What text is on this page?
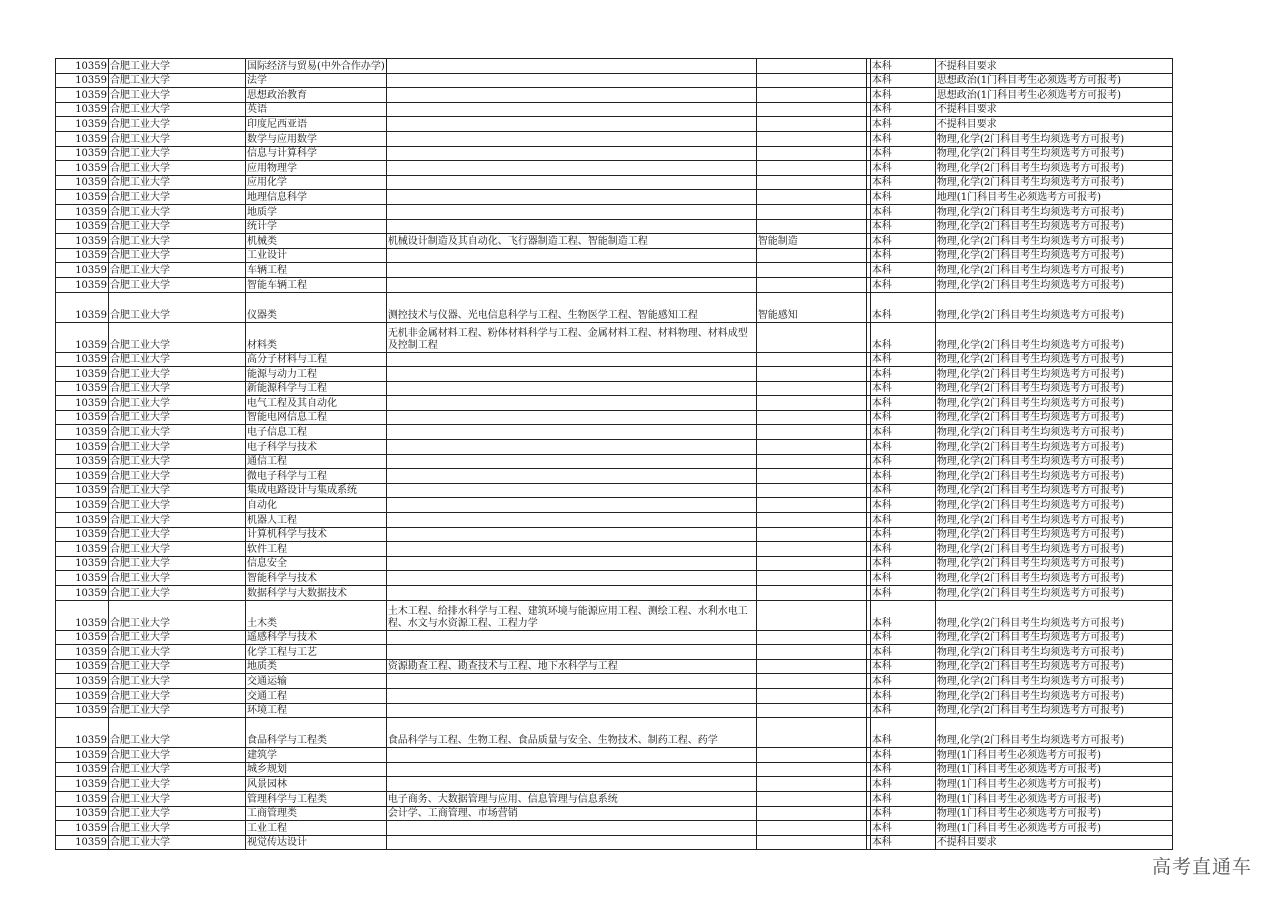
10359	合肥工业大学	国际经济与贸易(中外合作办学)				本科	不提科目要求
10359	合肥工业大学	法学				本科	思想政治(1门科目考生必须选考方可报考)
10359	合肥工业大学	思想政治教育				本科	思想政治(1门科目考生必须选考方可报考)
10359	合肥工业大学	英语				本科	不提科目要求
10359	合肥工业大学	印度尼西亚语				本科	不提科目要求
10359	合肥工业大学	数学与应用数学				本科	物理,化学(2门科目考生均须选考方可报考)
10359	合肥工业大学	信息与计算科学				本科	物理,化学(2门科目考生均须选考方可报考)
10359	合肥工业大学	应用物理学				本科	物理,化学(2门科目考生均须选考方可报考)
10359	合肥工业大学	应用化学				本科	物理,化学(2门科目考生均须选考方可报考)
10359	合肥工业大学	地理信息科学				本科	地理(1门科目考生必须选考方可报考)
10359	合肥工业大学	地质学				本科	物理,化学(2门科目考生均须选考方可报考)
10359	合肥工业大学	统计学				本科	物理,化学(2门科目考生均须选考方可报考)
10359	合肥工业大学	机械类	机械设计制造及其自动化、飞行器制造工程、智能制造工程	智能制造		本科	物理,化学(2门科目考生均须选考方可报考)
10359	合肥工业大学	工业设计				本科	物理,化学(2门科目考生均须选考方可报考)
10359	合肥工业大学	车辆工程				本科	物理,化学(2门科目考生均须选考方可报考)
10359	合肥工业大学	智能车辆工程				本科	物理,化学(2门科目考生均须选考方可报考)
10359	合肥工业大学	仪器类	测控技术与仪器、光电信息科学与工程、生物医学工程、智能感知工程	智能感知		本科	物理,化学(2门科目考生均须选考方可报考)
10359	合肥工业大学	材料类	无机非金属材料工程、粉体材料科学与工程、金属材料工程、材料物理、材料成型及控制工程			本科	物理,化学(2门科目考生均须选考方可报考)
10359	合肥工业大学	高分子材料与工程				本科	物理,化学(2门科目考生均须选考方可报考)
10359	合肥工业大学	能源与动力工程				本科	物理,化学(2门科目考生均须选考方可报考)
10359	合肥工业大学	新能源科学与工程				本科	物理,化学(2门科目考生均须选考方可报考)
10359	合肥工业大学	电气工程及其自动化				本科	物理,化学(2门科目考生均须选考方可报考)
10359	合肥工业大学	智能电网信息工程				本科	物理,化学(2门科目考生均须选考方可报考)
10359	合肥工业大学	电子信息工程				本科	物理,化学(2门科目考生均须选考方可报考)
10359	合肥工业大学	电子科学与技术				本科	物理,化学(2门科目考生均须选考方可报考)
10359	合肥工业大学	通信工程				本科	物理,化学(2门科目考生均须选考方可报考)
10359	合肥工业大学	微电子科学与工程				本科	物理,化学(2门科目考生均须选考方可报考)
10359	合肥工业大学	集成电路设计与集成系统				本科	物理,化学(2门科目考生均须选考方可报考)
10359	合肥工业大学	自动化				本科	物理,化学(2门科目考生均须选考方可报考)
10359	合肥工业大学	机器人工程				本科	物理,化学(2门科目考生均须选考方可报考)
10359	合肥工业大学	计算机科学与技术				本科	物理,化学(2门科目考生均须选考方可报考)
10359	合肥工业大学	软件工程				本科	物理,化学(2门科目考生均须选考方可报考)
10359	合肥工业大学	信息安全				本科	物理,化学(2门科目考生均须选考方可报考)
10359	合肥工业大学	智能科学与技术				本科	物理,化学(2门科目考生均须选考方可报考)
10359	合肥工业大学	数据科学与大数据技术				本科	物理,化学(2门科目考生均须选考方可报考)
10359	合肥工业大学	土木类	土木工程、给排水科学与工程、建筑环境与能源应用工程、测绘工程、水利水电工程、水文与水资源工程、工程力学			本科	物理,化学(2门科目考生均须选考方可报考)
10359	合肥工业大学	遥感科学与技术				本科	物理,化学(2门科目考生均须选考方可报考)
10359	合肥工业大学	化学工程与工艺				本科	物理,化学(2门科目考生均须选考方可报考)
10359	合肥工业大学	地质类	资源勘查工程、勘查技术与工程、地下水科学与工程			本科	物理,化学(2门科目考生均须选考方可报考)
10359	合肥工业大学	交通运输				本科	物理,化学(2门科目考生均须选考方可报考)
10359	合肥工业大学	交通工程				本科	物理,化学(2门科目考生均须选考方可报考)
10359	合肥工业大学	环境工程				本科	物理,化学(2门科目考生均须选考方可报考)
10359	合肥工业大学	食品科学与工程类	食品科学与工程、生物工程、食品质量与安全、生物技术、制药工程、药学			本科	物理,化学(2门科目考生均须选考方可报考)
10359	合肥工业大学	建筑学				本科	物理(1门科目考生必须选考方可报考)
10359	合肥工业大学	城乡规划				本科	物理(1门科目考生必须选考方可报考)
10359	合肥工业大学	风景园林				本科	物理(1门科目考生必须选考方可报考)
10359	合肥工业大学	管理科学与工程类	电子商务、大数据管理与应用、信息管理与信息系统			本科	物理(1门科目考生必须选考方可报考)
10359	合肥工业大学	工商管理类	会计学、工商管理、市场营销			本科	物理(1门科目考生必须选考方可报考)
10359	合肥工业大学	工业工程				本科	物理(1门科目考生必须选考方可报考)
10359	合肥工业大学	视觉传达设计				本科	不提科目要求
高考直通车
